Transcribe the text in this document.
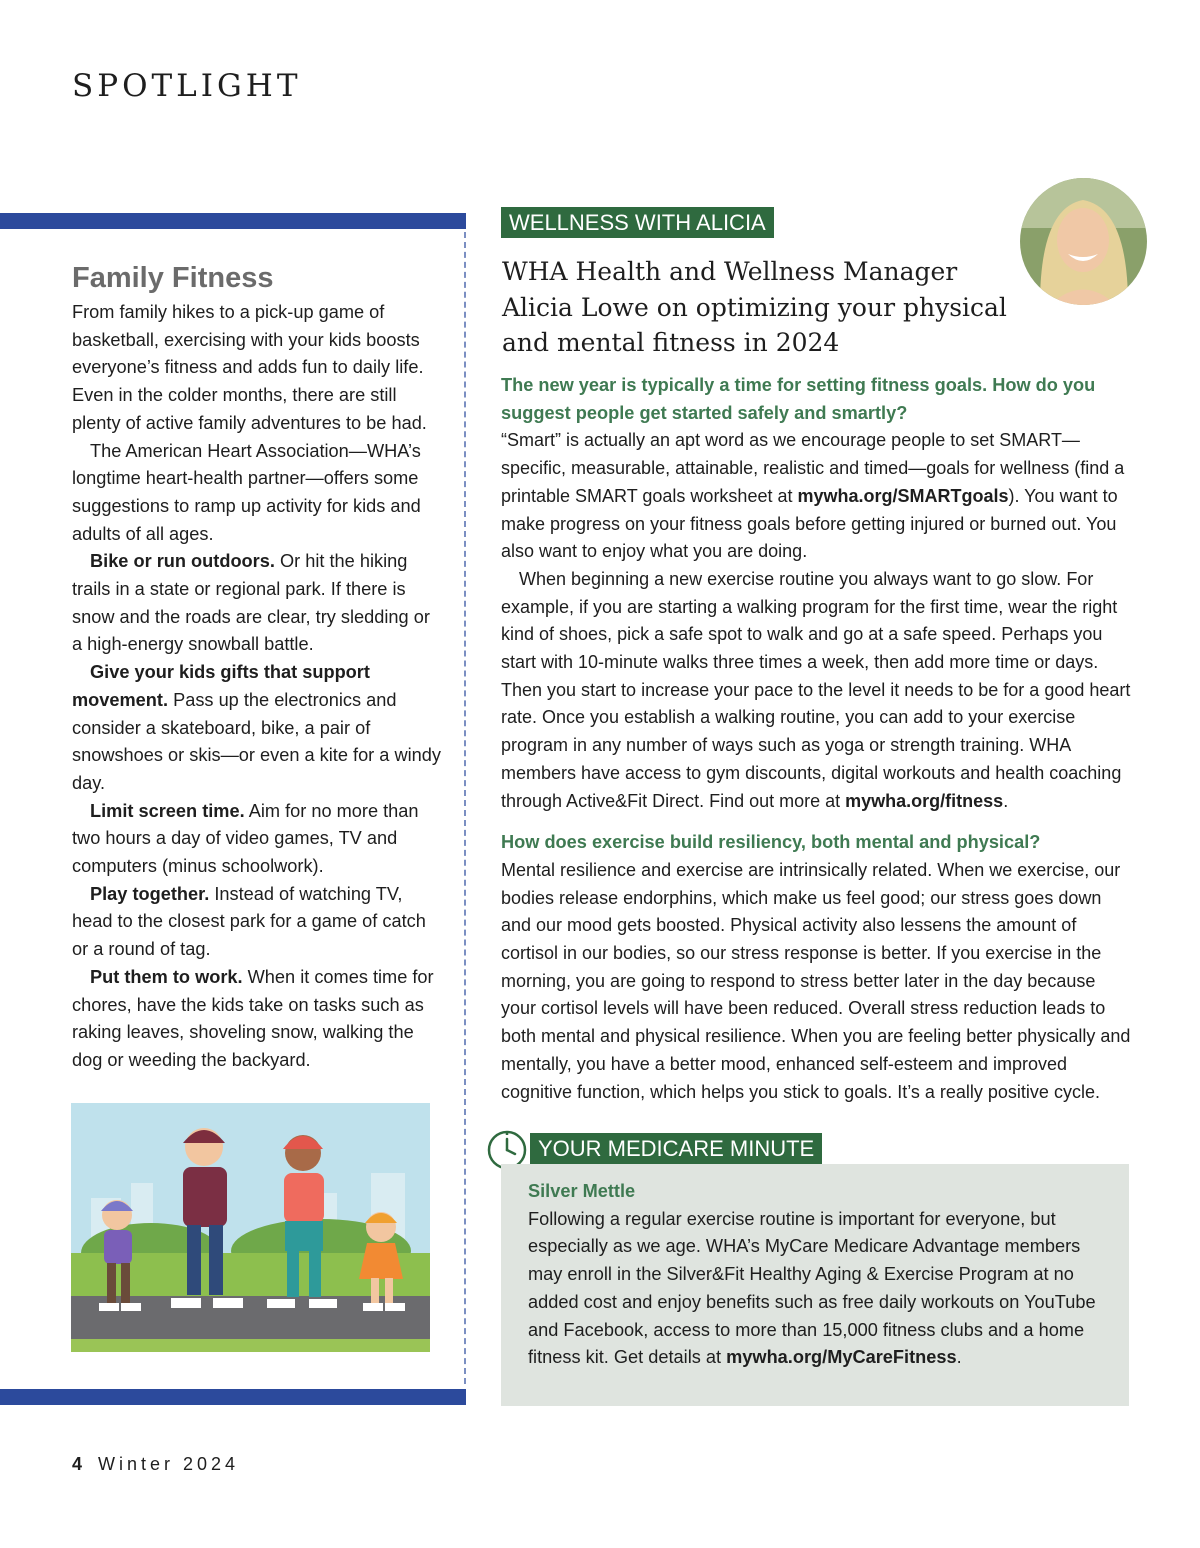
SPOTLIGHT
Family Fitness

From family hikes to a pick-up game of basketball, exercising with your kids boosts everyone’s fitness and adds fun to daily life. Even in the colder months, there are still plenty of active family adventures to be had.

The American Heart Association—WHA’s longtime heart-health partner—offers some suggestions to ramp up activity for kids and adults of all ages.

Bike or run outdoors. Or hit the hiking trails in a state or regional park. If there is snow and the roads are clear, try sledding or a high-energy snowball battle.

Give your kids gifts that support movement. Pass up the electronics and consider a skateboard, bike, a pair of snowshoes or skis—or even a kite for a windy day.

Limit screen time. Aim for no more than two hours a day of video games, TV and computers (minus schoolwork).

Play together. Instead of watching TV, head to the closest park for a game of catch or a round of tag.

Put them to work. When it comes time for chores, have the kids take on tasks such as raking leaves, shoveling snow, walking the dog or weeding the backyard.

WELLNESS WITH ALICIA
WHA Health and Wellness Manager Alicia Lowe on optimizing your physical and mental fitness in 2024

The new year is typically a time for setting fitness goals. How do you suggest people get started safely and smartly?

“Smart” is actually an apt word as we encourage people to set SMART—specific, measurable, attainable, realistic and timed—goals for wellness (find a printable SMART goals worksheet at mywha.org/SMARTgoals). You want to make progress on your fitness goals before getting injured or burned out. You also want to enjoy what you are doing.

When beginning a new exercise routine you always want to go slow. For example, if you are starting a walking program for the first time, wear the right kind of shoes, pick a safe spot to walk and go at a safe speed. Perhaps you start with 10-minute walks three times a week, then add more time or days. Then you start to increase your pace to the level it needs to be for a good heart rate. Once you establish a walking routine, you can add to your exercise program in any number of ways such as yoga or strength training. WHA members have access to gym discounts, digital workouts and health coaching through Active&Fit Direct. Find out more at mywha.org/fitness.

How does exercise build resiliency, both mental and physical?

Mental resilience and exercise are intrinsically related. When we exercise, our bodies release endorphins, which make us feel good; our stress goes down and our mood gets boosted. Physical activity also lessens the amount of cortisol in our bodies, so our stress response is better. If you exercise in the morning, you are going to respond to stress better later in the day because your cortisol levels will have been reduced. Overall stress reduction leads to both mental and physical resilience. When you are feeling better physically and mentally, you have a better mood, enhanced self-esteem and improved cognitive function, which helps you stick to goals. It’s a really positive cycle.

YOUR MEDICARE MINUTE

Silver Mettle

Following a regular exercise routine is important for everyone, but especially as we age. WHA’s MyCare Medicare Advantage members may enroll in the Silver&Fit Healthy Aging & Exercise Program at no added cost and enjoy benefits such as free daily workouts on YouTube and Facebook, access to more than 15,000 fitness clubs and a home fitness kit. Get details at mywha.org/MyCareFitness.

4 Winter 2024
